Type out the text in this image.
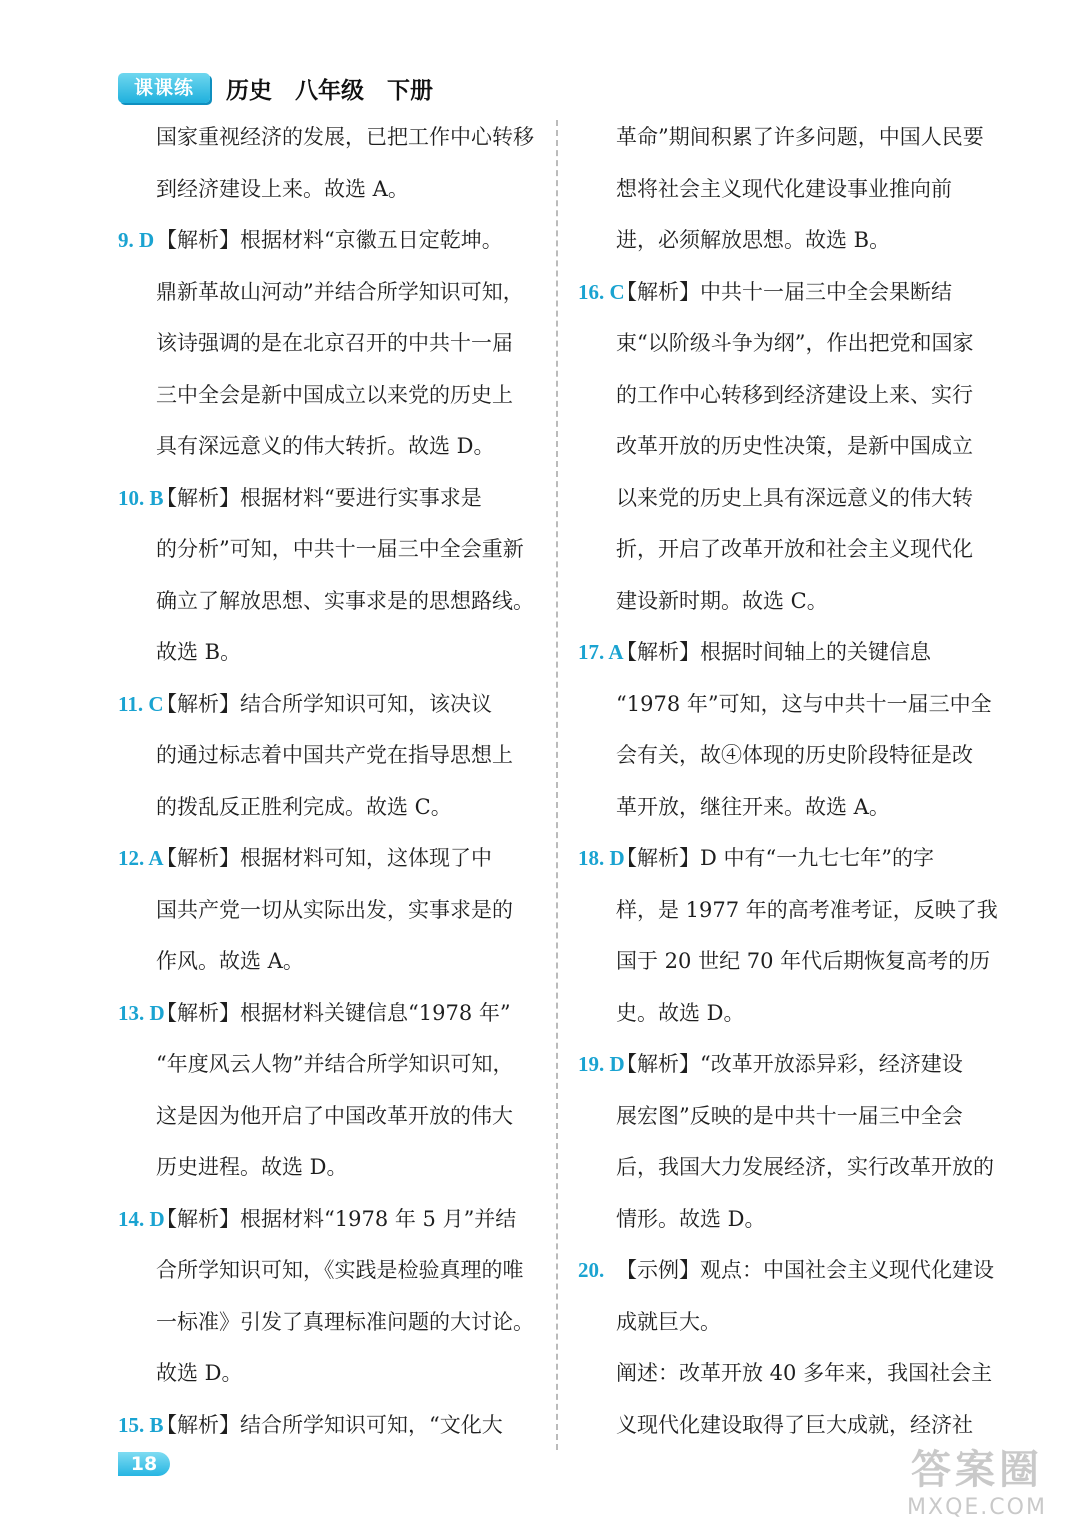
课课练	历史　八年级　下册
国家重视经济的发展，已把工作中心转移
到经济建设上来。故选 A。
9. D 【解析】根据材料“京徽五日定乾坤。
鼎新革故山河动”并结合所学知识可知，
该诗强调的是在北京召开的中共十一届
三中全会是新中国成立以来党的历史上
具有深远意义的伟大转折。故选 D。
10. B
【解析】根据材料“要进行实事求是
的分析”可知，中共十一届三中全会重新
确立了解放思想、实事求是的思想路线。
故选 B。
11. C
【解析】结合所学知识可知，该决议
的通过标志着中国共产党在指导思想上
的拨乱反正胜利完成。故选 C。
12. A
【解析】根据材料可知，这体现了中
国共产党一切从实际出发，实事求是的
作风。故选 A。
13. D
【解析】根据材料关键信息“1978 年”
“年度风云人物”并结合所学知识可知，
这是因为他开启了中国改革开放的伟大
历史进程。故选 D。
14. D
【解析】根据材料“1978 年 5 月”并结
合所学知识可知，《实践是检验真理的唯
一标准》引发了真理标准问题的大讨论。
故选 D。
15. B
【解析】结合所学知识可知，“文化大
革命”期间积累了许多问题，中国人民要
想将社会主义现代化建设事业推向前
进，必须解放思想。故选 B。
16. C
【解析】中共十一届三中全会果断结
束“以阶级斗争为纲”，作出把党和国家
的工作中心转移到经济建设上来、实行
改革开放的历史性决策，是新中国成立
以来党的历史上具有深远意义的伟大转
折，开启了改革开放和社会主义现代化
建设新时期。故选 C。
17. A
【解析】根据时间轴上的关键信息
“1978 年”可知，这与中共十一届三中全
会有关，故④体现的历史阶段特征是改
革开放，继往开来。故选 A。
18. D
【解析】D 中有“一九七七年”的字
样，是 1977 年的高考准考证，反映了我
国于 20 世纪 70 年代后期恢复高考的历
史。故选 D。
19. D
【解析】“改革开放添异彩，经济建设
展宏图”反映的是中共十一届三中全会
后，我国大力发展经济，实行改革开放的
情形。故选 D。
20. 【示例】观点：中国社会主义现代化建设
成就巨大。
阐述：改革开放 40 多年来，我国社会主
义现代化建设取得了巨大成就，经济社
18	答案圈
MXQE.COM
